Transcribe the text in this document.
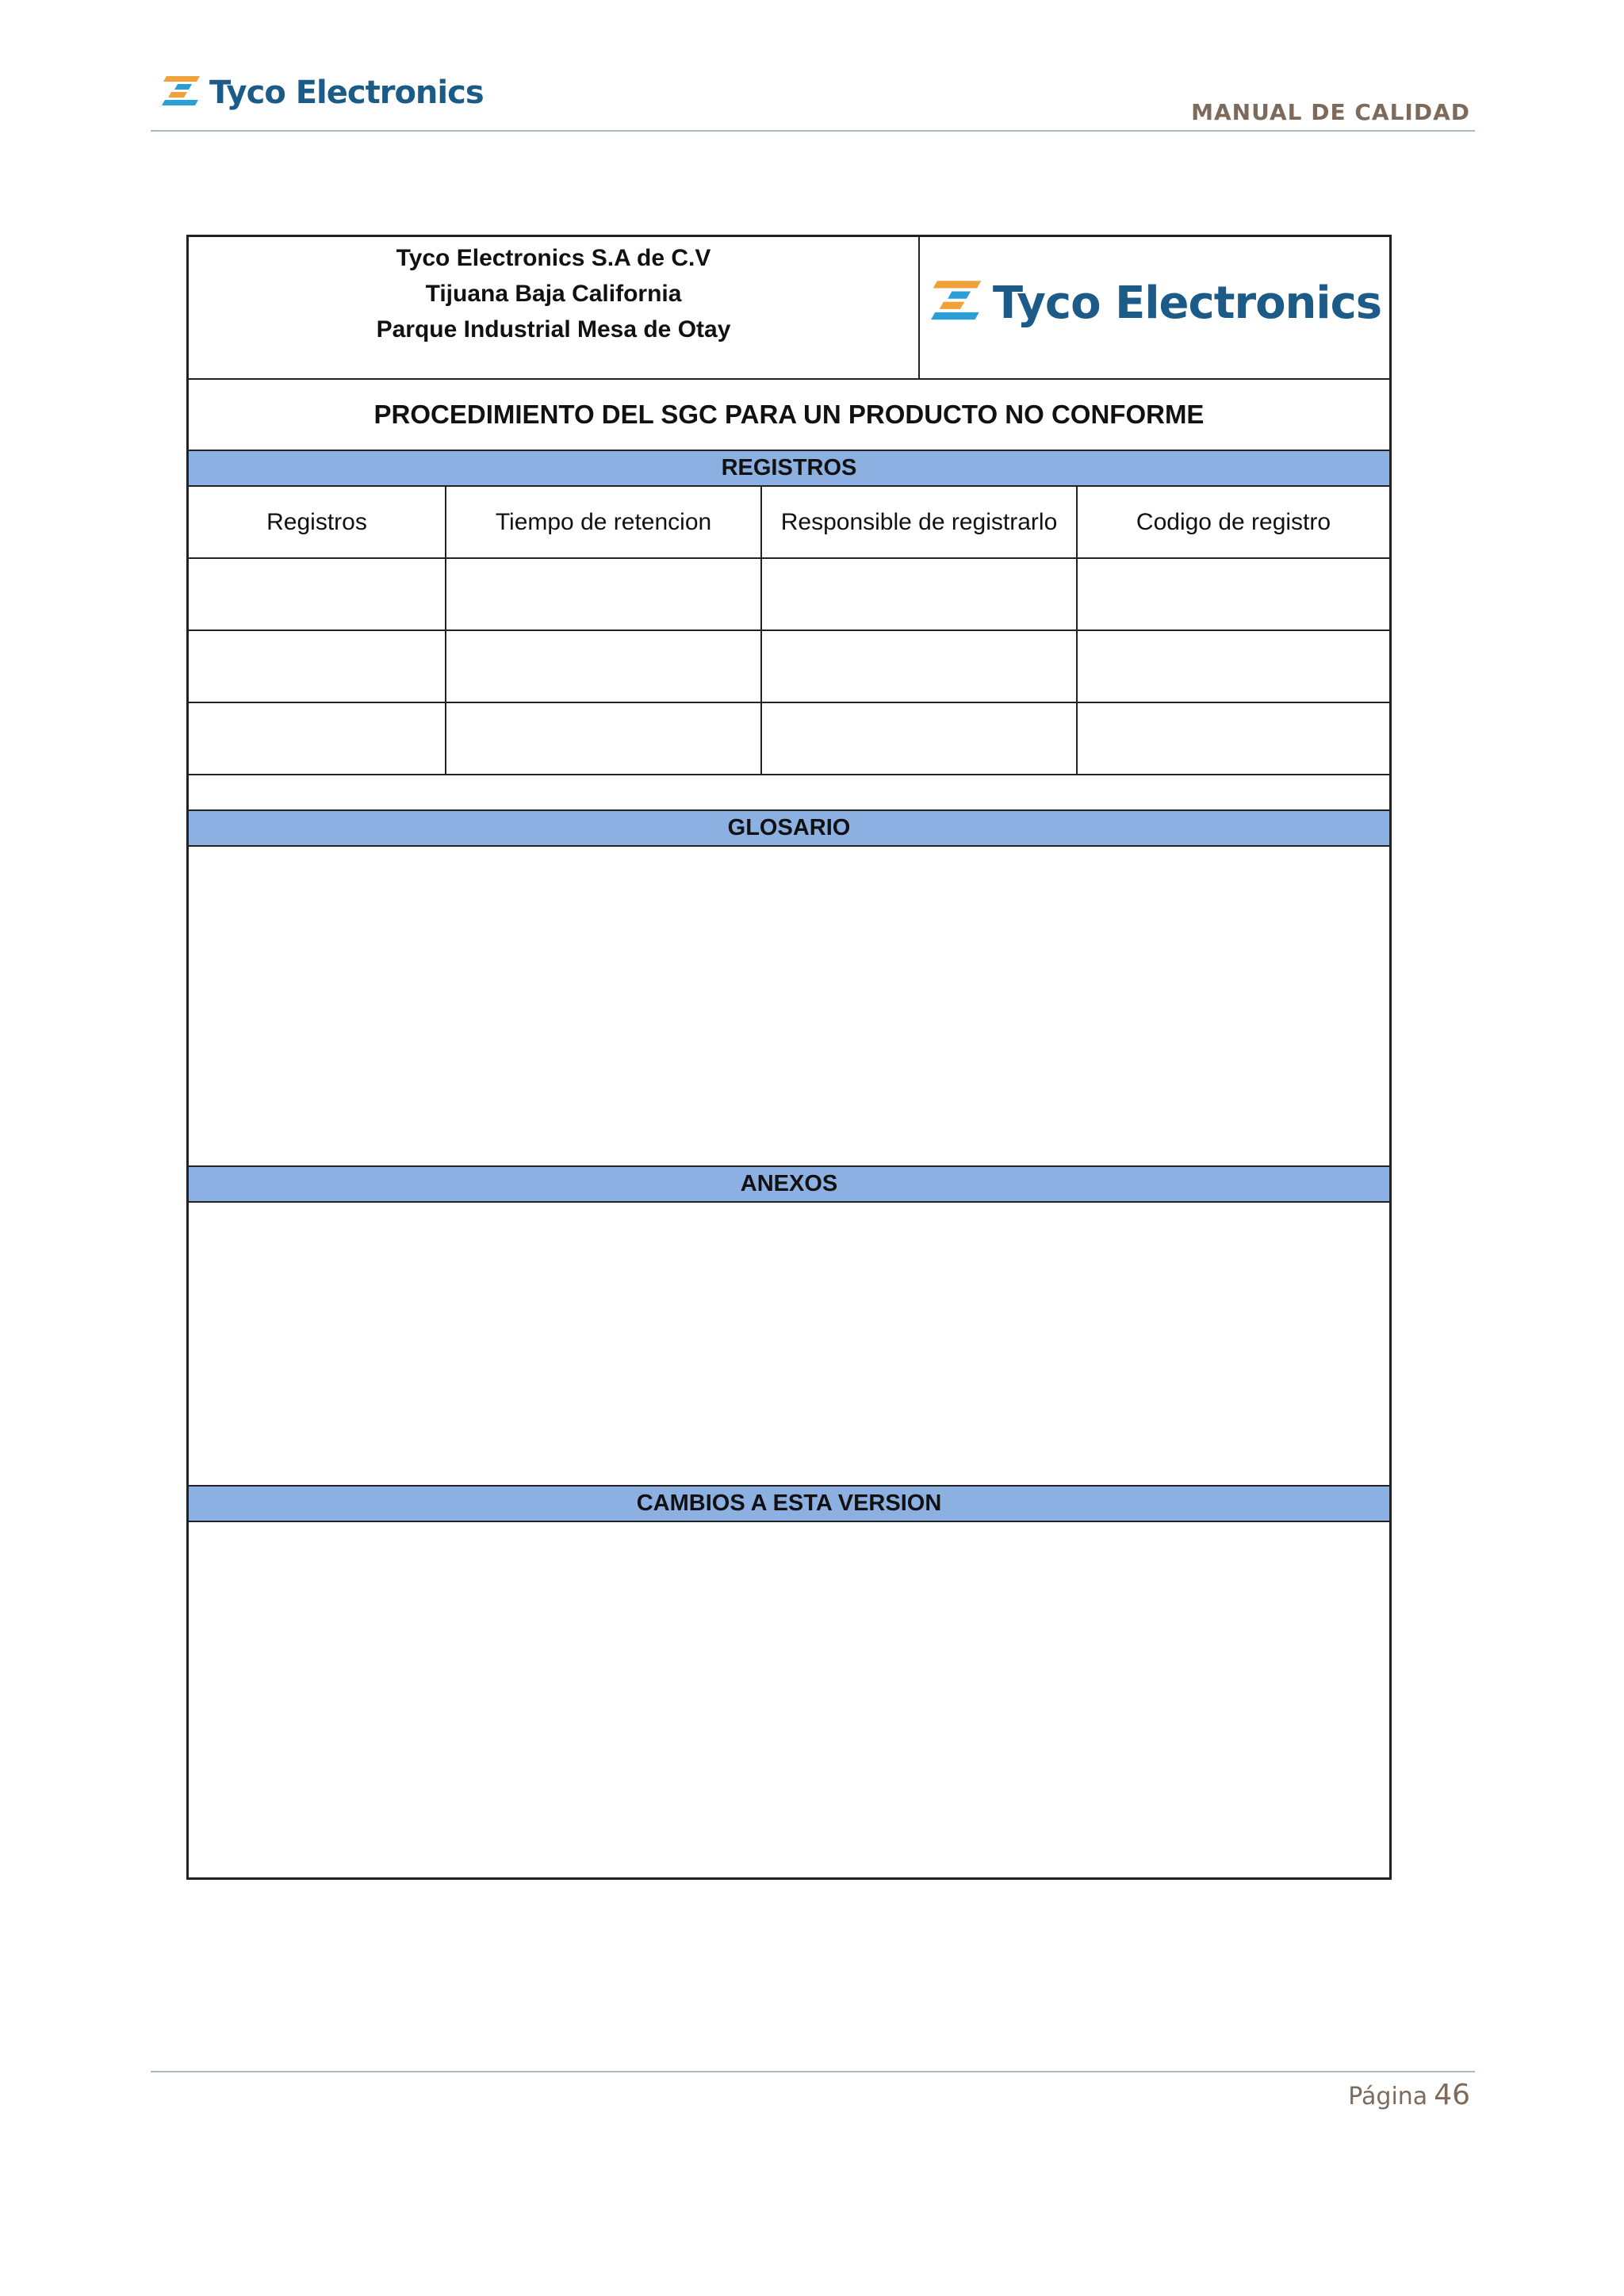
Tyco Electronics
MANUAL DE CALIDAD
Tyco Electronics S.A de C.V
Tijuana Baja California
Parque Industrial Mesa de Otay
Tyco Electronics
PROCEDIMIENTO DEL SGC PARA UN PRODUCTO NO CONFORME
REGISTROS
Registros	Tiempo de retencion	Responsible de registrarlo	Codigo de registro
GLOSARIO
ANEXOS
CAMBIOS A ESTA VERSION
Página 46
